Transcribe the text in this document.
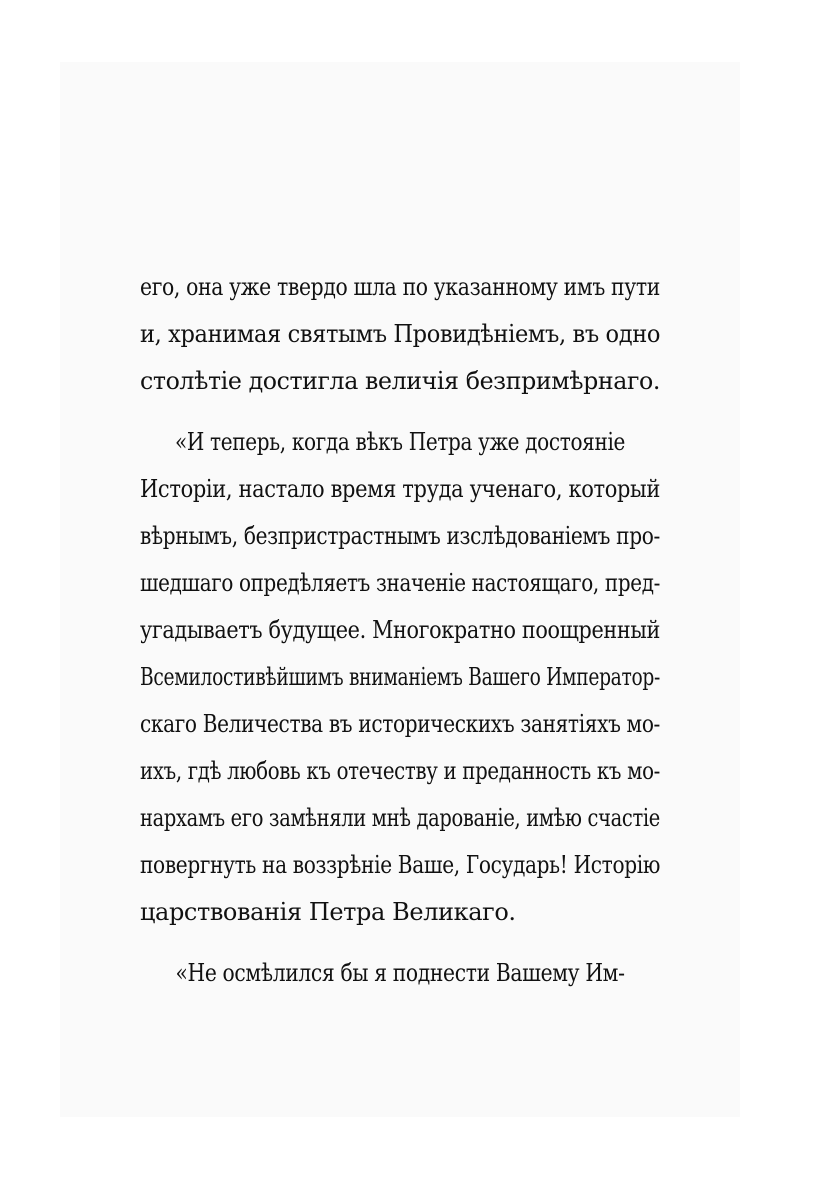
его, она уже твердо шла по указанному имъ пути
и, хранимая святымъ Провидѣніемъ, въ одно
столѣтіе достигла величія безпримѣрнаго.
«И теперь, когда вѣкъ Петра уже достояніе
Исторіи, настало время труда ученаго, который
вѣрнымъ, безпристрастнымъ изслѣдованіемъ про-
шедшаго опредѣляетъ значеніе настоящаго, пред-
угадываетъ будущее. Многократно поощренный
Всемилостивѣйшимъ вниманіемъ Вашего Император-
скаго Величества въ историческихъ занятіяхъ мо-
ихъ, гдѣ любовь къ отечеству и преданность къ мо-
нархамъ его замѣняли мнѣ дарованіе, имѣю счастіе
повергнуть на воззрѣніе Ваше, Государь! Исторію
царствованія Петра Великаго.
«Не осмѣлился бы я поднести Вашему Им-
